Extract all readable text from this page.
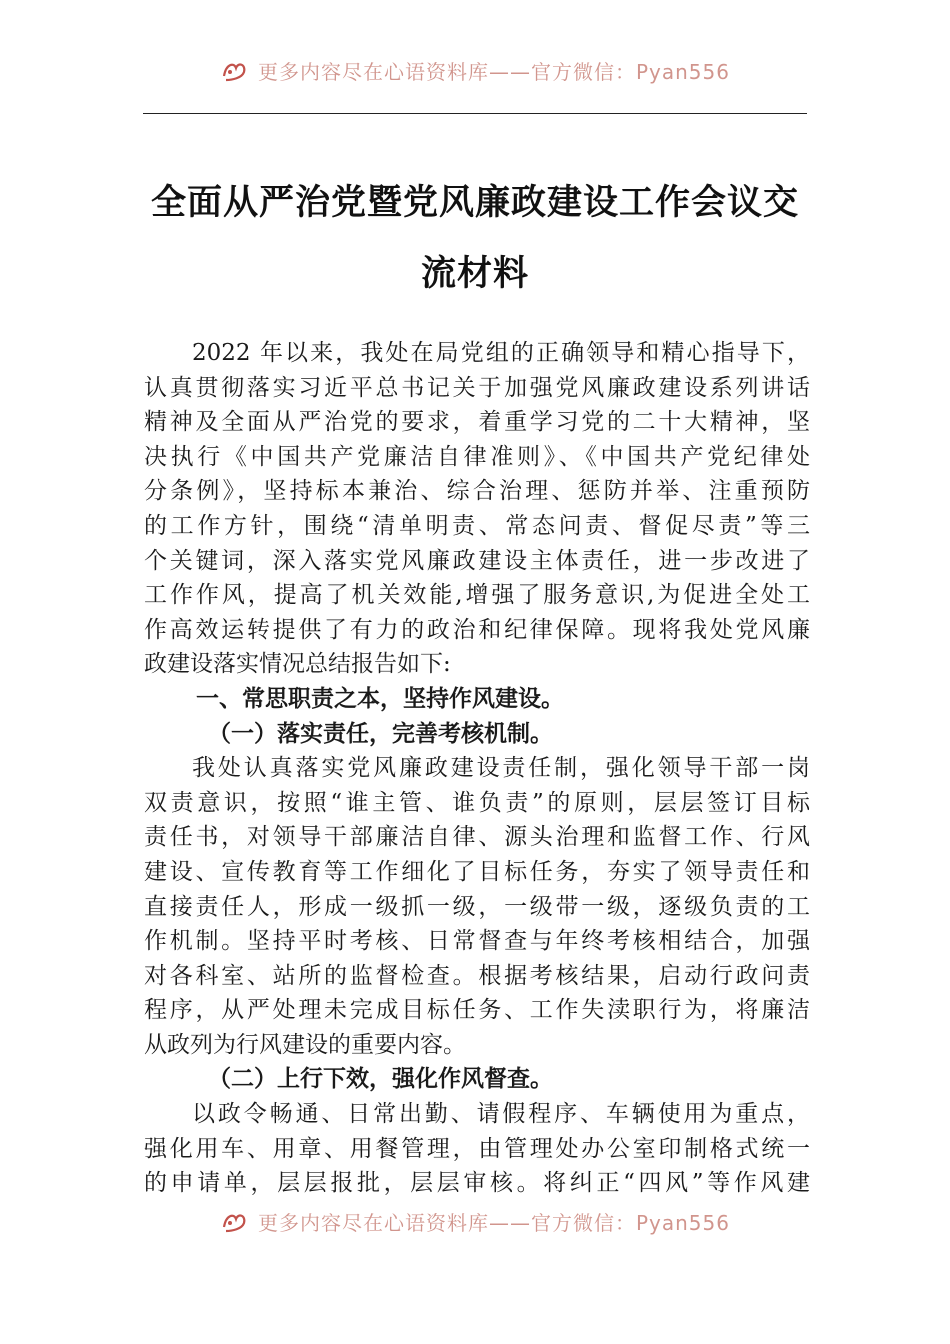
更多内容尽在心语资料库——官方微信：Pyan556
全面从严治党暨党风廉政建设工作会议交
流材料
2022 年以来，我处在局党组的正确领导和精心指导下，
认真贯彻落实习近平总书记关于加强党风廉政建设系列讲话
精神及全面从严治党的要求，着重学习党的二十大精神，坚
决执行《中国共产党廉洁自律准则》、《中国共产党纪律处
分条例》，坚持标本兼治、综合治理、惩防并举、注重预防
的工作方针，围绕“清单明责、常态问责、督促尽责”等三
个关键词，深入落实党风廉政建设主体责任，进一步改进了
工作作风，提高了机关效能,增强了服务意识,为促进全处工
作高效运转提供了有力的政治和纪律保障。现将我处党风廉
政建设落实情况总结报告如下:
一、常思职责之本，坚持作风建设。
（一）落实责任，完善考核机制。
我处认真落实党风廉政建设责任制，强化领导干部一岗
双责意识，按照“谁主管、谁负责”的原则，层层签订目标
责任书，对领导干部廉洁自律、源头治理和监督工作、行风
建设、宣传教育等工作细化了目标任务，夯实了领导责任和
直接责任人，形成一级抓一级，一级带一级，逐级负责的工
作机制。坚持平时考核、日常督查与年终考核相结合，加强
对各科室、站所的监督检查。根据考核结果，启动行政问责
程序，从严处理未完成目标任务、工作失渎职行为，将廉洁
从政列为行风建设的重要内容。
（二）上行下效，强化作风督查。
以政令畅通、日常出勤、请假程序、车辆使用为重点，
强化用车、用章、用餐管理，由管理处办公室印制格式统一
的申请单，层层报批，层层审核。将纠正“四风”等作风建
更多内容尽在心语资料库——官方微信：Pyan556
